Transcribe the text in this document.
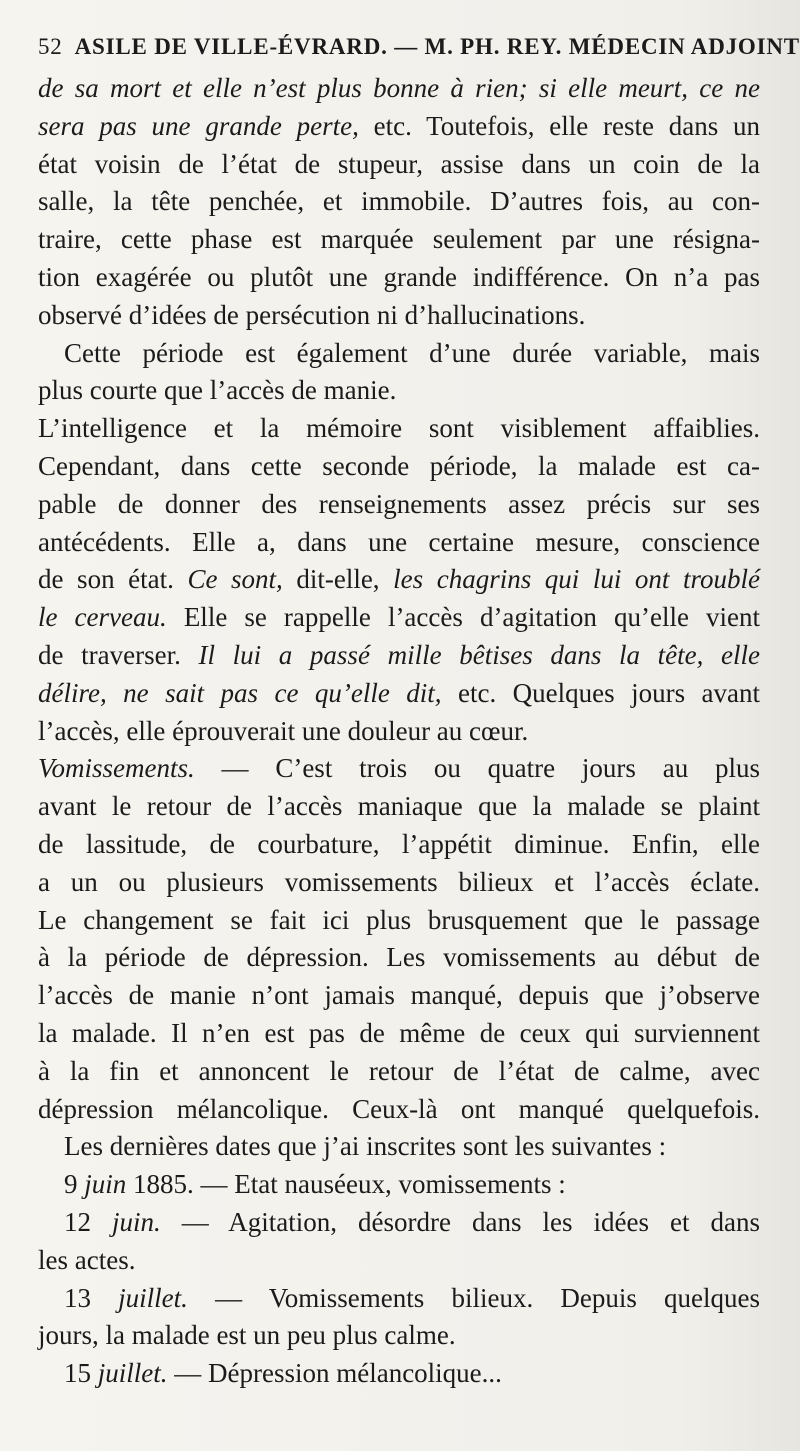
52 ASILE DE VILLE-ÉVRARD. — M. PH. REY. MÉDECIN ADJOINT
de sa mort et elle n’est plus bonne à rien; si elle meurt, ce ne
sera pas une grande perte, etc. Toutefois, elle reste dans un
état voisin de l’état de stupeur, assise dans un coin de la
salle, la tête penchée, et immobile. D’autres fois, au con-
traire, cette phase est marquée seulement par une résigna-
tion exagérée ou plutôt une grande indifférence. On n’a pas
observé d’idées de persécution ni d’hallucinations.
Cette période est également d’une durée variable, mais
plus courte que l’accès de manie.
L’intelligence et la mémoire sont visiblement affaiblies.
Cependant, dans cette seconde période, la malade est ca-
pable de donner des renseignements assez précis sur ses
antécédents. Elle a, dans une certaine mesure, conscience
de son état. Ce sont, dit-elle, les chagrins qui lui ont troublé
le cerveau. Elle se rappelle l’accès d’agitation qu’elle vient
de traverser. Il lui a passé mille bêtises dans la tête, elle
délire, ne sait pas ce qu’elle dit, etc. Quelques jours avant
l’accès, elle éprouverait une douleur au cœur.
Vomissements. — C’est trois ou quatre jours au plus
avant le retour de l’accès maniaque que la malade se plaint
de lassitude, de courbature, l’appétit diminue. Enfin, elle
a un ou plusieurs vomissements bilieux et l’accès éclate.
Le changement se fait ici plus brusquement que le passage
à la période de dépression. Les vomissements au début de
l’accès de manie n’ont jamais manqué, depuis que j’observe
la malade. Il n’en est pas de même de ceux qui surviennent
à la fin et annoncent le retour de l’état de calme, avec
dépression mélancolique. Ceux-là ont manqué quelquefois.
Les dernières dates que j’ai inscrites sont les suivantes :
9 juin 1885. — Etat nauséeux, vomissements :
12 juin. — Agitation, désordre dans les idées et dans
les actes.
13 juillet. — Vomissements bilieux. Depuis quelques
jours, la malade est un peu plus calme.
15 juillet. — Dépression mélancolique...
